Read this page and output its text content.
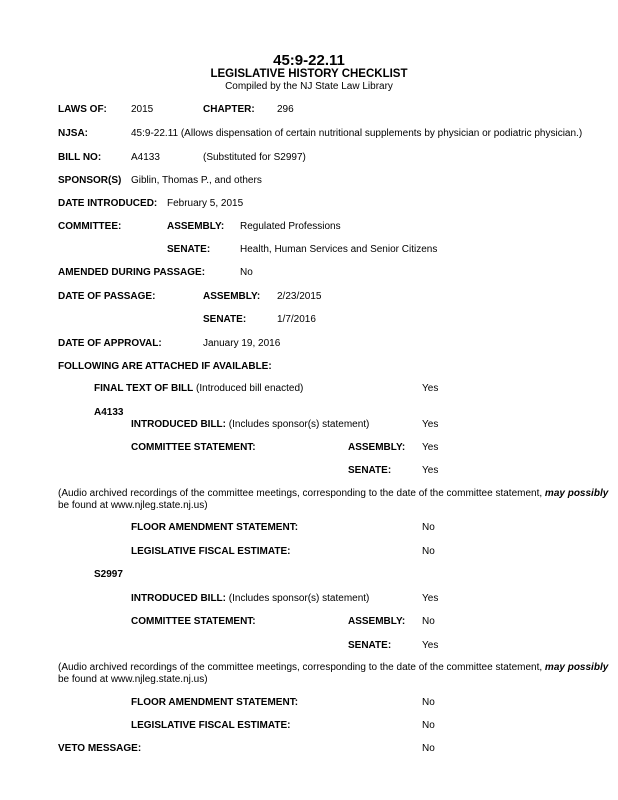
45:9-22.11
LEGISLATIVE HISTORY CHECKLIST
Compiled by the NJ State Law Library
LAWS OF: 2015	CHAPTER: 296
NJSA:	45:9-22.11 (Allows dispensation of certain nutritional supplements by physician or podiatric physician.)
BILL NO:	A4133	(Substituted for S2997)
SPONSOR(S) Giblin, Thomas P., and others
DATE INTRODUCED: February 5, 2015
COMMITTEE:	ASSEMBLY: Regulated Professions
SENATE:	Health, Human Services and Senior Citizens
AMENDED DURING PASSAGE:	No
DATE OF PASSAGE:	ASSEMBLY: 2/23/2015
SENATE:	1/7/2016
DATE OF APPROVAL:	January 19, 2016
FOLLOWING ARE ATTACHED IF AVAILABLE:
FINAL TEXT OF BILL (Introduced bill enacted)	Yes
A4133
INTRODUCED BILL: (Includes sponsor(s) statement)	Yes
COMMITTEE STATEMENT:	ASSEMBLY: Yes
SENATE:	Yes
(Audio archived recordings of the committee meetings, corresponding to the date of the committee statement, may possibly be found at www.njleg.state.nj.us)
FLOOR AMENDMENT STATEMENT:	No
LEGISLATIVE FISCAL ESTIMATE:	No
S2997
INTRODUCED BILL: (Includes sponsor(s) statement)	Yes
COMMITTEE STATEMENT:	ASSEMBLY: No
SENATE:	Yes
(Audio archived recordings of the committee meetings, corresponding to the date of the committee statement, may possibly be found at www.njleg.state.nj.us)
FLOOR AMENDMENT STATEMENT:	No
LEGISLATIVE FISCAL ESTIMATE:	No
VETO MESSAGE:	No
